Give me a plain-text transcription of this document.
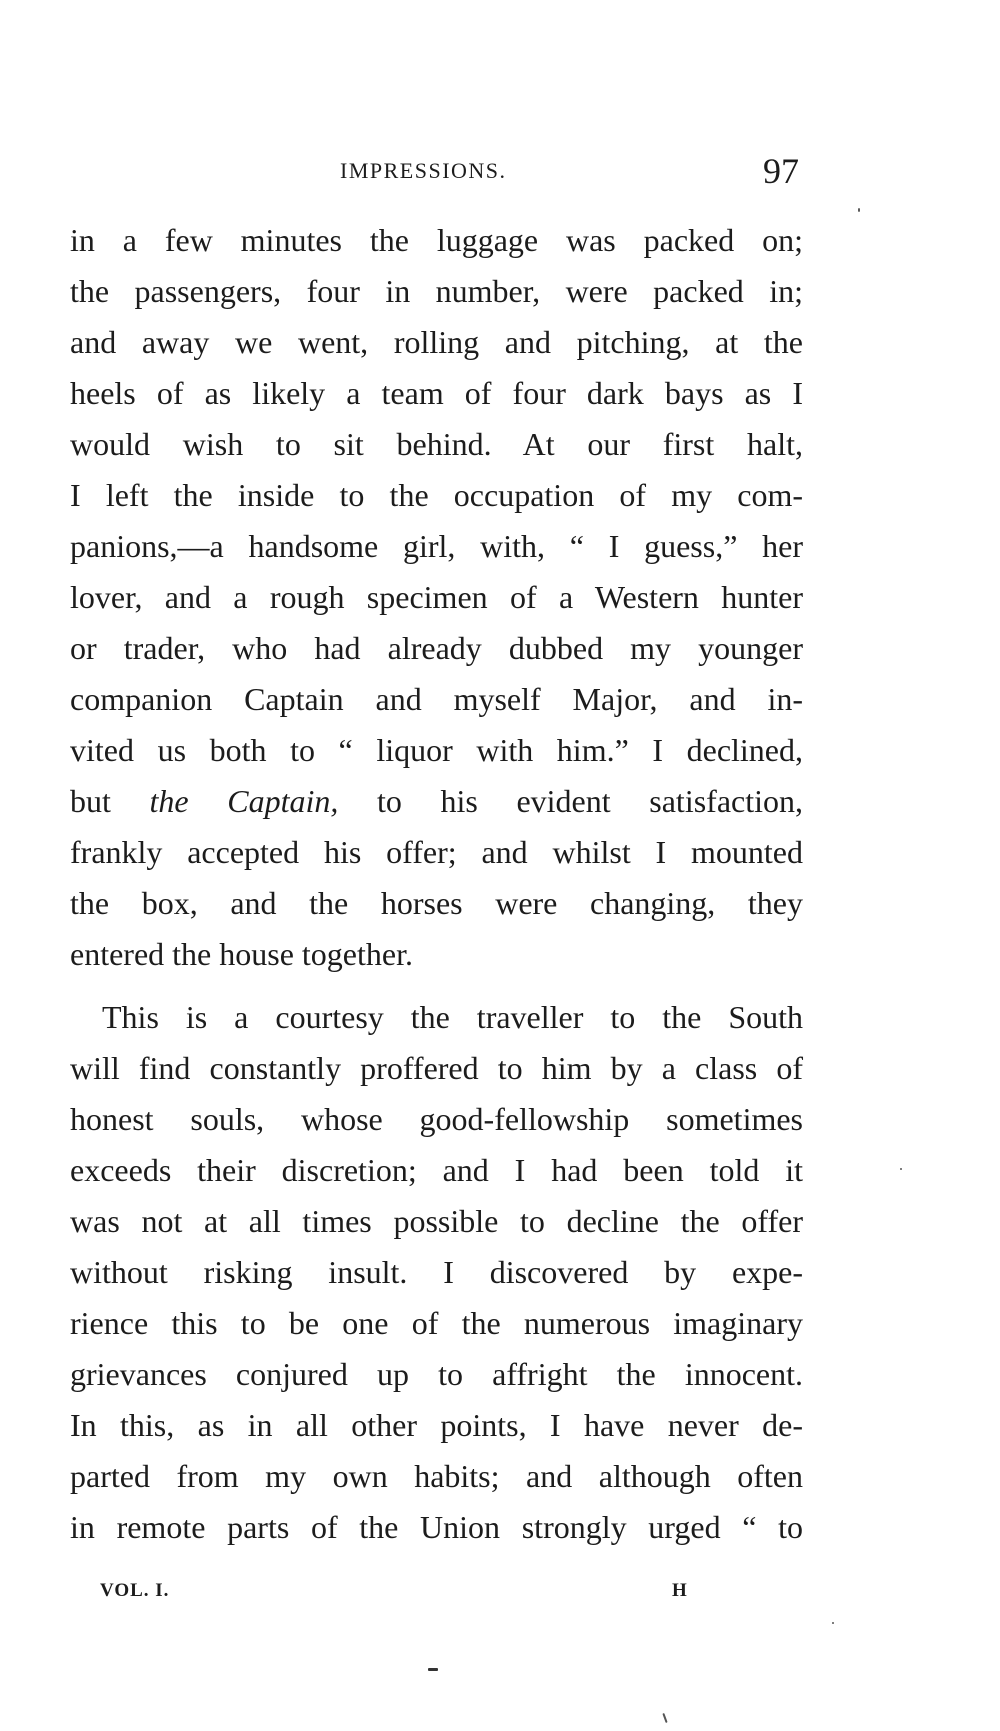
IMPRESSIONS.	97

in a few minutes the luggage was packed on;
the passengers, four in number, were packed in;
and away we went, rolling and pitching, at the
heels of as likely a team of four dark bays as I
would wish to sit behind. At our first halt,
I left the inside to the occupation of my com-
panions,—a handsome girl, with, “ I guess,” her
lover, and a rough specimen of a Western hunter
or trader, who had already dubbed my younger
companion Captain and myself Major, and in-
vited us both to “ liquor with him.” I declined,
but the Captain, to his evident satisfaction,
frankly accepted his offer; and whilst I mounted
the box, and the horses were changing, they
entered the house together.

This is a courtesy the traveller to the South
will find constantly proffered to him by a class of
honest souls, whose good-fellowship sometimes
exceeds their discretion; and I had been told it
was not at all times possible to decline the offer
without risking insult. I discovered by expe-
rience this to be one of the numerous imaginary
grievances conjured up to affright the innocent.
In this, as in all other points, I have never de-
parted from my own habits; and although often
in remote parts of the Union strongly urged “ to

VOL. I.	H
